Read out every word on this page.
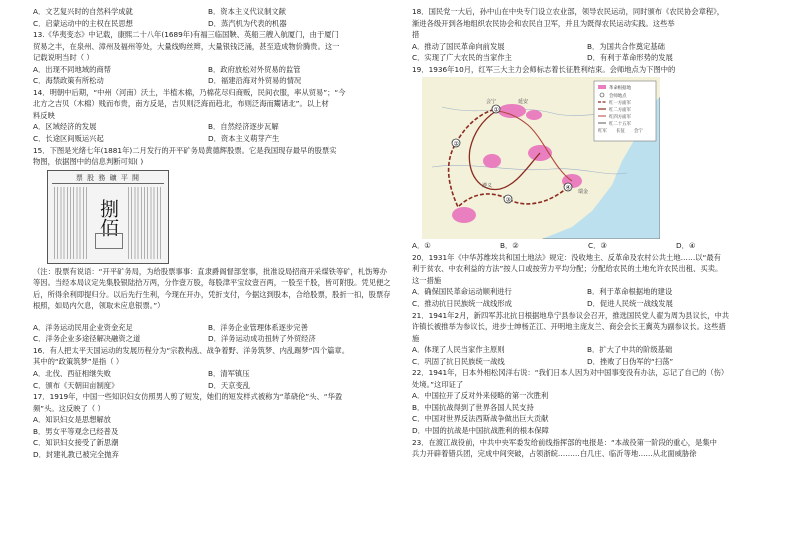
A．文艺复兴时的自然科学成就	B．资本主义代议制文献
C．启蒙运动中的主权在民思想	D．蒸汽机为代表的机器
13.《华夷变态》中记载，康熙二十八年(1689年)有福三临国鞅、英船三艘入航厦门，由于厦门
贸易之丰，在泉州、漳州及福州等处，大量线购丝辫，大量银钱泛涌，甚至造成物价腾贵。这一
记载说明当时（ ）
A．出现不同地域的商帮	B．政府放松对外贸易的监管
C．海禁政策有所松动	D．福建沿海对外贸易的情况
14．明朝中后期，“中州（河南）沃土，半植木棉，乃棉花尽归商贩，民间衣服，率从贸易”；“今
北方之吉贝（木棉）贱而布贵，南方反是，吉贝则泛海而趋北，布则泛海而鬻诸北”。以上材
料反映
A．区域经济的发展	B．自然经济逐步瓦解
C．长途区间贩运兴起	D．资本主义萌芽产生
15．下图是光绪七年(1881年)二月发行的开平矿务局黄德辉股票。它是我国现存最早的股票实
物图，依据图中的信息判断可知( )
票 股 務 礦 平 開
捌佰
（注：股票有说语：“开平矿务局，为给股票事事：直隶爵阁督部堂事，批准设局招商开采煤铁等矿，札饬筹办等因。当经本局议定先集股银陆拾万两，分作壹万股，每股津平宝纹壹百两，一股至千股，皆可附股。凭见便之后，所得余利即提归分。以后先行生利，今现在开办，凭折支付，今据这到股本，合给股票，股折一扣，股票存根照，如局内欠息，领取未应息银票。”）
A．洋务运动民用企业资金充足	B．洋务企业管理体系逐步完善
C．洋务企业多途径解决融资之道	D．洋务运动成功扭转了外贸经济
16．有人把太平天国运动的发展历程分为“宗教构乱、战争着野、洋务筑梦、内乱踢梦”四个篇章。
其中的“政策筑梦”是指（ ）
A．北伐、西征相继失败	B．清军镇压
C．颁布《天朝田亩制度》	D．天京变乱
17．1919年，中国一些知识妇女仿照男人剪了短发，她们的短发样式被称为“革硗伦”头、“华盈
频”头。这反映了（ ）
A．知识妇女是思想解放
B．男女平等观念已经普及
C．知识妇女接受了新思潮
D．封建礼教已被完全抛弃
18．国民党一大后，孙中山在中央专门设立农业部，领导农民运动，同时颁布《农民协会章程》，
渐进各级开到各地组织农民协会和农民自卫军，并且为既得农民运动实践。这些举
措
A．推动了国民革命向前发展	B．为国共合作奠定基础
C．实现了广大农民的当家作主	D．有利于革命形势的发展
19．1936年10月，红军三大主力会师标志着长征胜利结束。会师地点为下图中的
①
②
③
④
会宁	延安
遵义
瑞金
革命根据地
会师地点
红一方面军
红二方面军
红四方面军
红二十五军
红军 长征 会宁
A．①	B．②	C．③	D．④
20．1931年《中华苏维埃共和国土地法》规定：没收地主、反革命及农村公共土地……以“最有
利于贫农、中农利益的方法”按人口或按劳力平均分配；分配给农民的土地允许农民出租、买卖。
这一措施
A．确保国民革命运动顺利进行	B．利于革命根据地的建设
C．推动抗日民族统一战线形成	D．促进人民统一战线发展
21．1941年2月，新四军苏北抗日根据地阜宁县参议会召开，推选国民党人翟为周为县议长，中共
许镇长被推举为参议长，进步士绅杨芷江、开明地主庞友兰、商会会长王冀英为副参议长。这些措
施
A．体现了人民当家作主原则	B．扩大了中共的阶级基础
C．巩固了抗日民族统一战线	D．挫败了日伪军的“扫荡”
22．1941年，日本外相松冈洋右说：“我们日本人因为对中国事变没有办法，忘记了自己的（伤）
处境。”这印证了
A．中国拉开了反对外来侵略的第一次胜利
B．中国抗战得到了世界各国人民支持
C．中国对世界反法西斯战争做出巨大贡献
D．中国的抗战是中国抗战胜利的根本保障
23．在渡江战役前，中共中央军委发给前线指挥部的电报是：“本战役第一阶段的重心，是集中
兵力开辟着错兵团，完成中间突破，占领浙皖………白几庄、临沂等地……从北面威胁徐
